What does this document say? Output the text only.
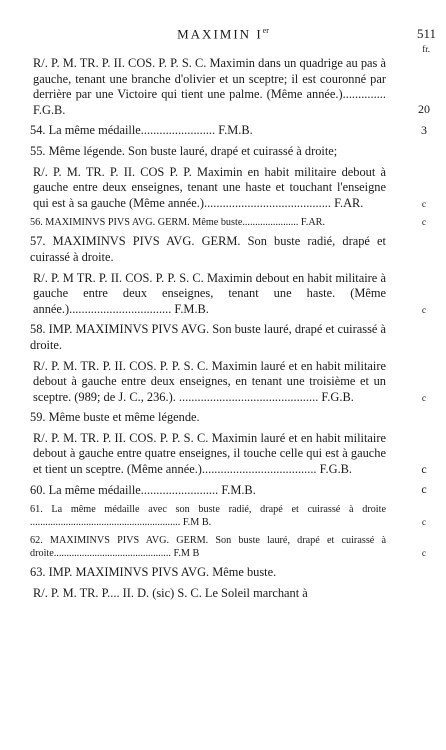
MAXIMIN Ier	511
fr.

R/. P. M. TR. P. II. COS. P. P. S. C. Maximin dans un quadrige au pas à gauche, tenant une branche d'olivier et un sceptre; il est couronné par derrière par une Victoire qui tient une palme. (Même année.).............. F.G.B.	20

54. La même médaille........................ F.M.B.	3

55. Même légende. Son buste lauré, drapé et cuirassé à droite;

R/. P. M. TR. P. II. COS P. P. Maximin en habit militaire debout à gauche entre deux enseignes, tenant une haste et touchant l'enseigne qui est à sa gauche (Même année.)......................................... F.AR.	c

56. MAXIMINVS PIVS AVG. GERM. Même buste...................... F.AR.	c

57. MAXIMINVS PIVS AVG. GERM. Son buste radié, drapé et cuirassé à droite.

R/. P. M TR. P. II. COS. P. P. S. C. Maximin debout en habit militaire à gauche entre deux enseignes, tenant une haste. (Même année.)................................. F.M.B.	c

58. IMP. MAXIMINVS PIVS AVG. Son buste lauré, drapé et cuirassé à droite.

R/. P. M. TR. P. II. COS. P. P. S. C. Maximin lauré et en habit militaire debout à gauche entre deux enseignes, en tenant une troisième et un sceptre. (989; de J. C., 236.). ............................................. F.G.B.	c

59. Même buste et même légende.

R/. P. M. TR. P. II. COS. P. P. S. C. Maximin lauré et en habit militaire debout à gauche entre quatre enseignes, il touche celle qui est à gauche et tient un sceptre. (Même année.)..................................... F.G.B.	c

60. La même médaille......................... F.M.B.	c

61. La même médaille avec son buste radié, drapé et cuirassé à droite ........................................................... F.M B.	c

62. MAXIMINVS PIVS AVG. GERM. Son buste lauré, drapé et cuirassé à droite.............................................. F.M B	c

63. IMP. MAXIMINVS PIVS AVG. Même buste.

R/. P. M. TR. P.... II. D. (sic) S. C. Le Soleil marchant à
